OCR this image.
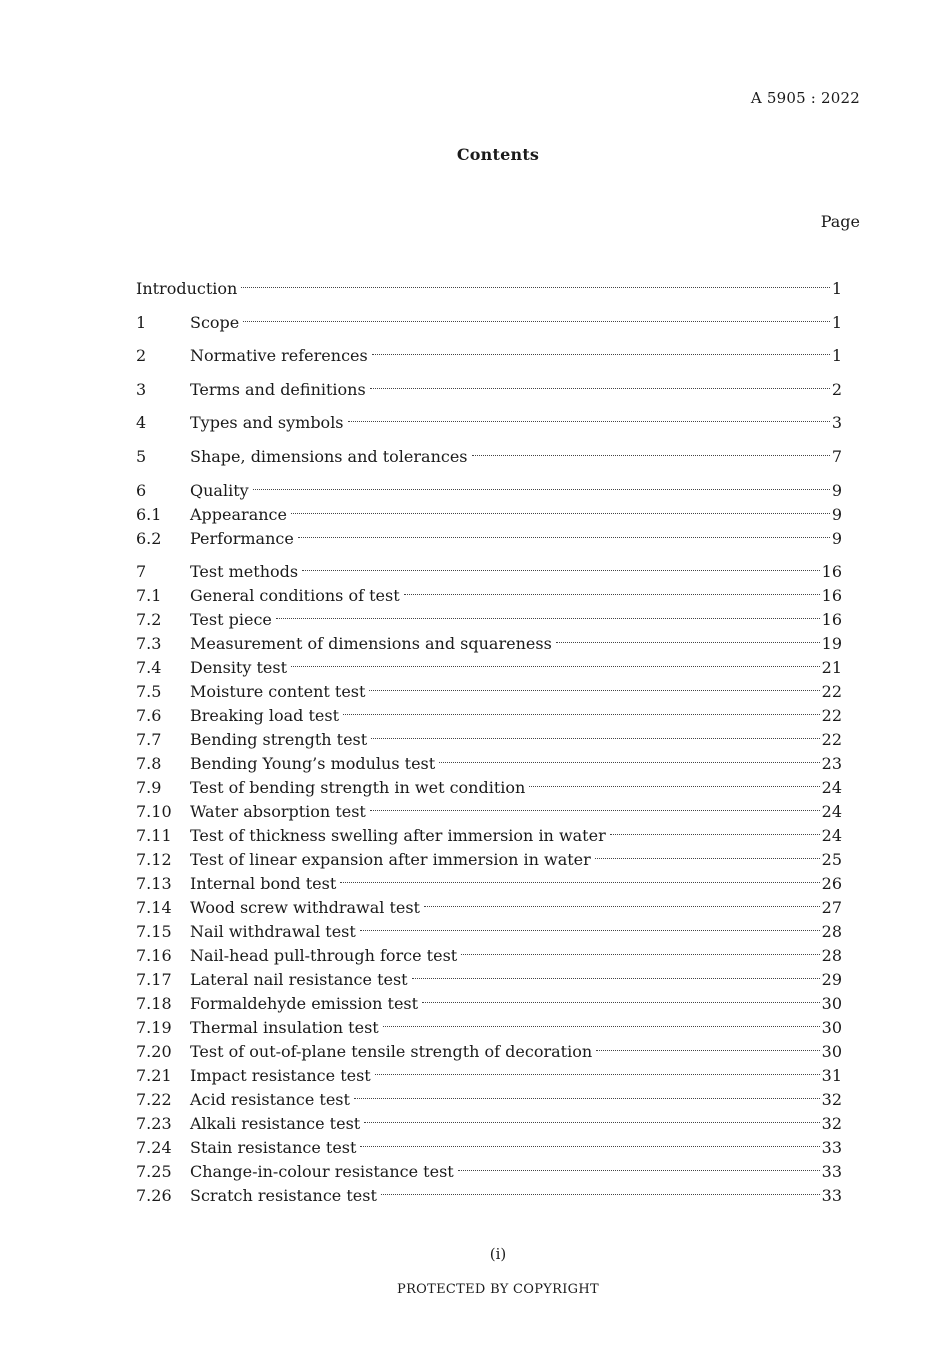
A 5905 : 2022
Contents
Page
Introduction	1
1	Scope	1
2	Normative references	1
3	Terms and definitions	2
4	Types and symbols	3
5	Shape, dimensions and tolerances	7
6	Quality	9
6.1	Appearance	9
6.2	Performance	9
7	Test methods	16
7.1	General conditions of test	16
7.2	Test piece	16
7.3	Measurement of dimensions and squareness	19
7.4	Density test	21
7.5	Moisture content test	22
7.6	Breaking load test	22
7.7	Bending strength test	22
7.8	Bending Young’s modulus test	23
7.9	Test of bending strength in wet condition	24
7.10	Water absorption test	24
7.11	Test of thickness swelling after immersion in water	24
7.12	Test of linear expansion after immersion in water	25
7.13	Internal bond test	26
7.14	Wood screw withdrawal test	27
7.15	Nail withdrawal test	28
7.16	Nail-head pull-through force test	28
7.17	Lateral nail resistance test	29
7.18	Formaldehyde emission test	30
7.19	Thermal insulation test	30
7.20	Test of out-of-plane tensile strength of decoration	30
7.21	Impact resistance test	31
7.22	Acid resistance test	32
7.23	Alkali resistance test	32
7.24	Stain resistance test	33
7.25	Change-in-colour resistance test	33
7.26	Scratch resistance test	33
(i)
PROTECTED BY COPYRIGHT
